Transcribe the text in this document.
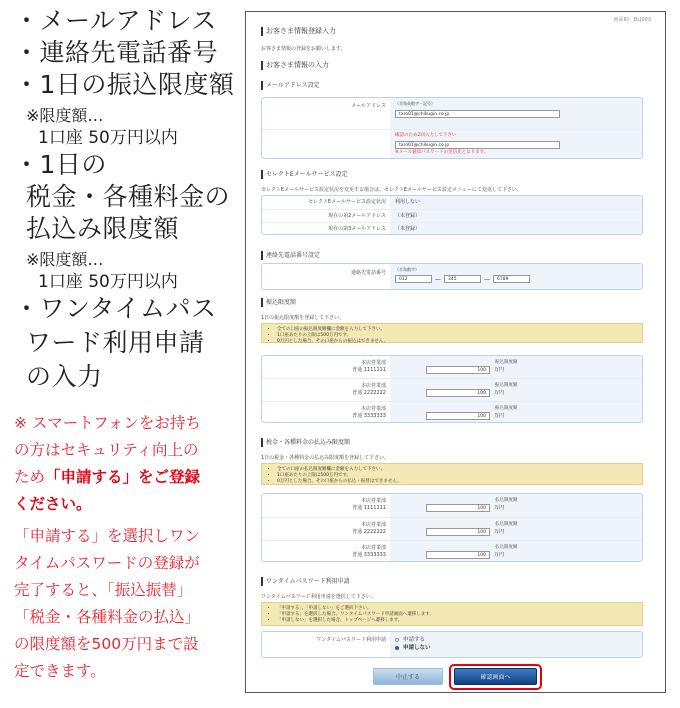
・メールアドレス
・連絡先電話番号
・1日の振込限度額
※限度額…
1口座 50万円以内
・1日の
税金・各種料金の
払込み限度額
※限度額…
1口座 50万円以内
・ワンタイムパス
ワード利用申請
の入力
※ スマートフォンをお持ち
の方はセキュリティ向上の
ため「申請する」をご登録
ください。
「申請する」を選択しワン
タイムパスワードの登録が
完了すると、「振込振替」
「税金・各種料金の払込」
の限度額を500万円まで設
定できます。
画面ID：BLJ003
お客さま情報登録入力
お客さま情報の登録をお願いします。
お客さま情報の入力
メールアドレス設定
メールアドレス	（半角英数字・記号）
taro01@chikugin.co.jp
確認のため2回入力して下さい
taro01@chikugin.co.jp
※メール通知パスワードの送信先となります。
セレクトEメールサービス設定
セレクトEメールサービス設定状況を変更する場合は、セレクトEメールサービス設定メニューにて変更して下さい。
セレクトEメールサービス設定状況	利用しない
現在の第2メールアドレス	（未登録）
現在の第3メールアドレス	（未登録）
連絡先電話番号設定
連絡先電話番号
（半角数字）
012	—	345	—	6789
振込限度額
1日の振込限度額を登録して下さい。
• 全ての口座の振込限度額欄に金額を入力して下さい。
• 1口座あたりの上限は500万円です。
• 0万円とした場合、その口座からの振込はできません。
本店営業部
普通 1111111
振込限度額
100	万円
本店営業部
普通 2222222
振込限度額
100	万円
本店営業部
普通 3333333
振込限度額
100	万円
税金・各種料金の払込み限度額
1日の税金・各種料金の払込み限度額を登録して下さい。
• 全ての口座の払込限度額欄に金額を入力して下さい。
• 1口座あたりの上限は500万円です。
• 0万円とした場合、その口座からの払込・振替はできません。
本店営業部
普通 1111111
払込限度額
100	万円
本店営業部
普通 2222222
払込限度額
100	万円
本店営業部
普通 3333333
払込限度額
100	万円
ワンタイムパスワード利用申請
ワンタイムパスワード利用申請を選択して下さい。
• 「申請する」、「申請しない」をご選択下さい。
• 「申請する」を選択した場合、ワンタイムパスワード申請画面へ遷移します。
• 「申請しない」を選択した場合、トップページへ遷移します。
ワンタイムパスワード利用申請	申請する
申請しない
中止する	確認画面へ
